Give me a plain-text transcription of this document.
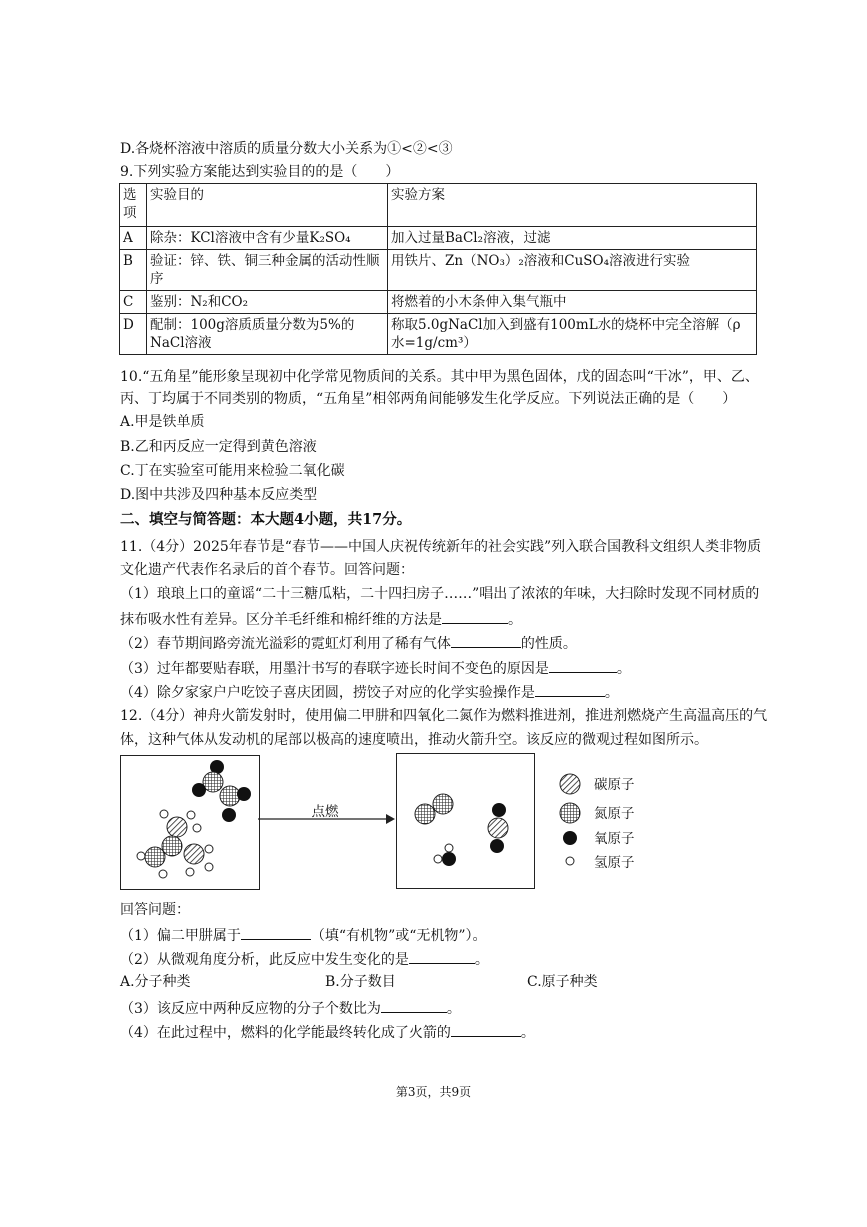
D.各烧杯溶液中溶质的质量分数大小关系为①<②<③
9.下列实验方案能达到实验目的的是（　　）
选项	实验目的	实验方案
A	除杂：KCl溶液中含有少量K₂SO₄	加入过量BaCl₂溶液，过滤
B	验证：锌、铁、铜三种金属的活动性顺序	用铁片、Zn（NO₃）₂溶液和CuSO₄溶液进行实验
C	鉴别：N₂和CO₂	将燃着的小木条伸入集气瓶中
D	配制：100g溶质质量分数为5%的NaCl溶液	称取5.0gNaCl加入到盛有100mL水的烧杯中完全溶解（ρ水=1g/cm³）
10.“五角星”能形象呈现初中化学常见物质间的关系。其中甲为黑色固体，戊的固态叫“干冰”，甲、乙、
丙、丁均属于不同类别的物质，“五角星”相邻两角间能够发生化学反应。下列说法正确的是（　　）
A.甲是铁单质
B.乙和丙反应一定得到黄色溶液
C.丁在实验室可能用来检验二氧化碳
D.图中共涉及四种基本反应类型
二、填空与简答题：本大题4小题，共17分。
11.（4分）2025年春节是“春节——中国人庆祝传统新年的社会实践”列入联合国教科文组织人类非物质
文化遗产代表作名录后的首个春节。回答问题：
（1）琅琅上口的童谣“二十三糖瓜粘，二十四扫房子……”唱出了浓浓的年味，大扫除时发现不同材质的
抹布吸水性有差异。区分羊毛纤维和棉纤维的方法是	。
（2）春节期间路旁流光溢彩的霓虹灯利用了稀有气体	的性质。
（3）过年都要贴春联，用墨汁书写的春联字迹长时间不变色的原因是	。
（4）除夕家家户户吃饺子喜庆团圆，捞饺子对应的化学实验操作是	。
12.（4分）神舟火箭发射时，使用偏二甲肼和四氧化二氮作为燃料推进剂，推进剂燃烧产生高温高压的气
体，这种气体从发动机的尾部以极高的速度喷出，推动火箭升空。该反应的微观过程如图所示。
点燃
碳原子
氮原子
氧原子
氢原子
回答问题：
（1）偏二甲肼属于	（填“有机物”或“无机物”）。
（2）从微观角度分析，此反应中发生变化的是	。
A.分子种类	B.分子数目	C.原子种类
（3）该反应中两种反应物的分子个数比为	。
（4）在此过程中，燃料的化学能最终转化成了火箭的	。
第3页，共9页
